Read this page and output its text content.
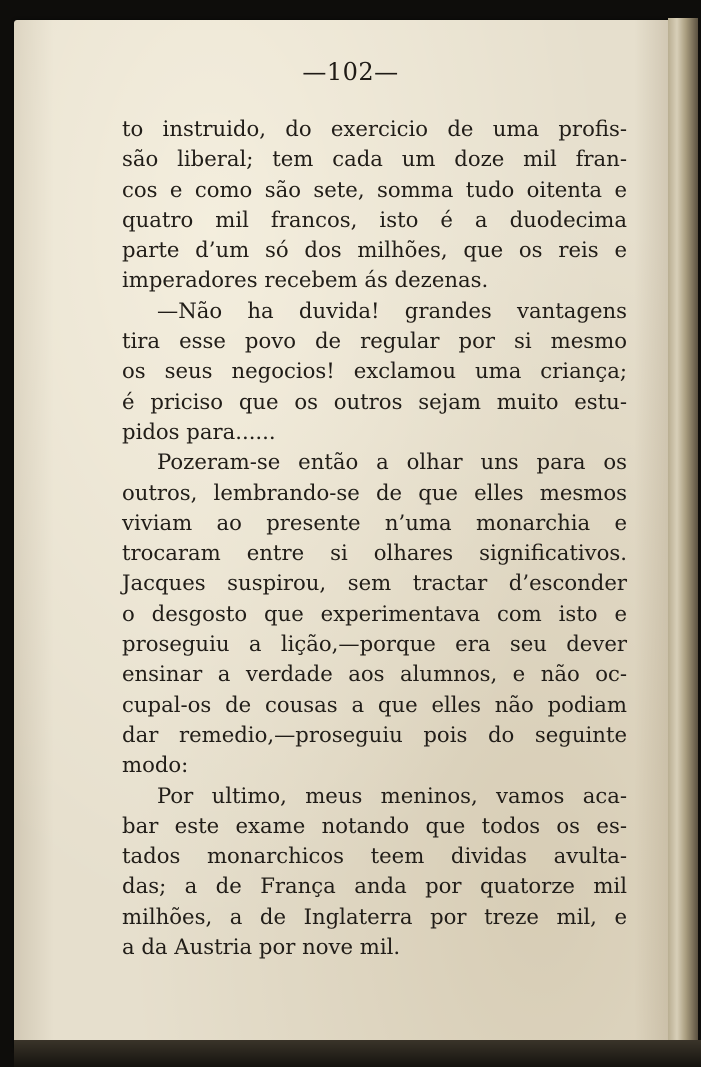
—102—
to instruido, do exercicio de uma profis-
são liberal; tem cada um doze mil fran-
cos e como são sete, somma tudo oitenta e
quatro mil francos, isto é a duodecima
parte d’um só dos milhões, que os reis e
imperadores recebem ás dezenas.
—Não ha duvida! grandes vantagens
tira esse povo de regular por si mesmo
os seus negocios! exclamou uma criança;
é priciso que os outros sejam muito estu-
pidos para......
Pozeram-se então a olhar uns para os
outros, lembrando-se de que elles mesmos
viviam ao presente n’uma monarchia e
trocaram entre si olhares significativos.
Jacques suspirou, sem tractar d’esconder
o desgosto que experimentava com isto e
proseguiu a lição,—porque era seu dever
ensinar a verdade aos alumnos, e não oc-
cupal-os de cousas a que elles não podiam
dar remedio,—proseguiu pois do seguinte
modo:
Por ultimo, meus meninos, vamos aca-
bar este exame notando que todos os es-
tados monarchicos teem dividas avulta-
das; a de França anda por quatorze mil
milhões, a de Inglaterra por treze mil, e
a da Austria por nove mil.
